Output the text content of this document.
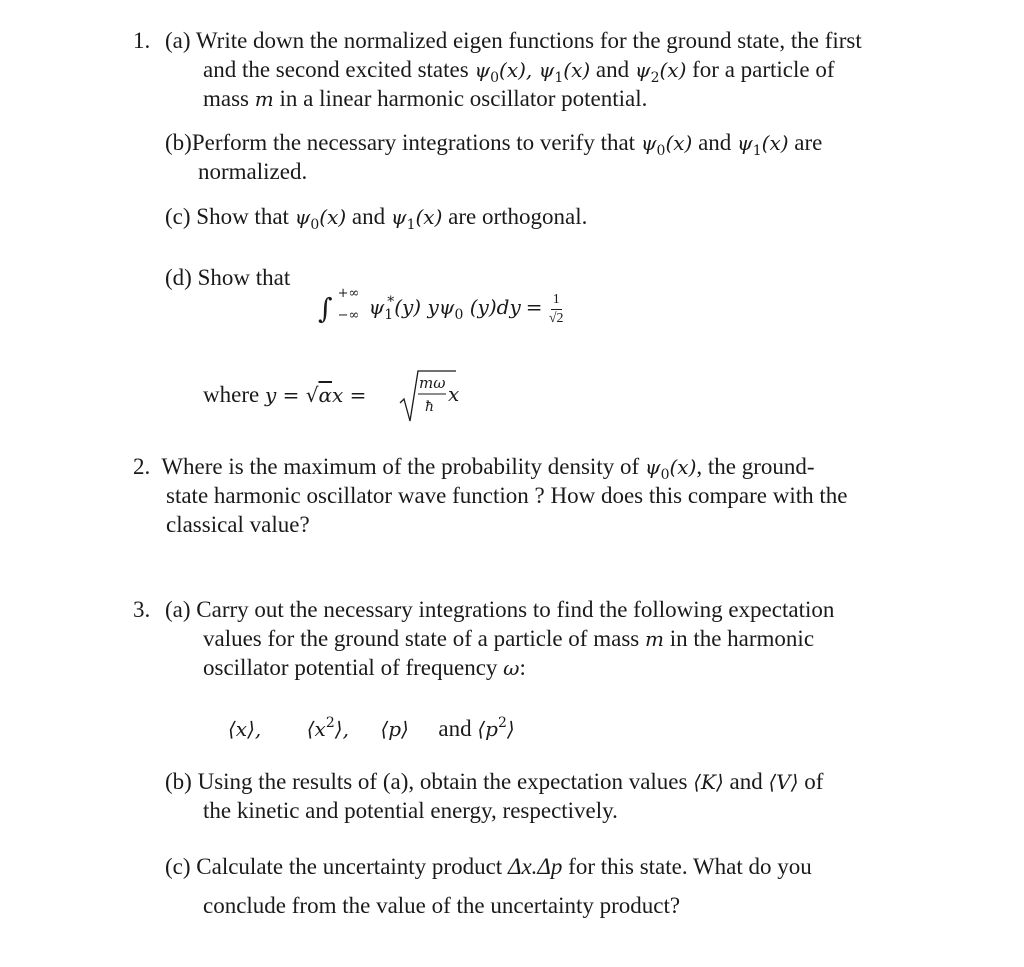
1. (a) Write down the normalized eigen functions for the ground state, the first
and the second excited states $\psi_0(x)$, $\psi_1(x)$ and $\psi_2(x)$ for a particle of
mass m in a linear harmonic oscillator potential.
(b)Perform the necessary integrations to verify that $\psi_0(x)$ and $\psi_1(x)$ are
normalized.
(c) Show that $\psi_0(x)$ and $\psi_1(x)$ are orthogonal.
(d) Show that
∫ +∞
−∞ $\psi_1^*(y)$ $y\psi_0$ $(y)dy = \frac{1}{√2}$
where y = √αx =	mω
ħ
x
2. Where is the maximum of the probability density of $\psi_0(x)$, the ground-
state harmonic oscillator wave function ? How does this compare with the
classical value?
3. (a) Carry out the necessary integrations to find the following expectation
values for the ground state of a particle of mass m in the harmonic
oscillator potential of frequency ω:
⟨x⟩, $⟨x^2⟩$, ⟨p⟩ and $⟨p^2⟩$
(b) Using the results of (a), obtain the expectation values ⟨K⟩ and ⟨V⟩ of
the kinetic and potential energy, respectively.
(c) Calculate the uncertainty product Δx.Δp for this state. What do you
conclude from the value of the uncertainty product?
